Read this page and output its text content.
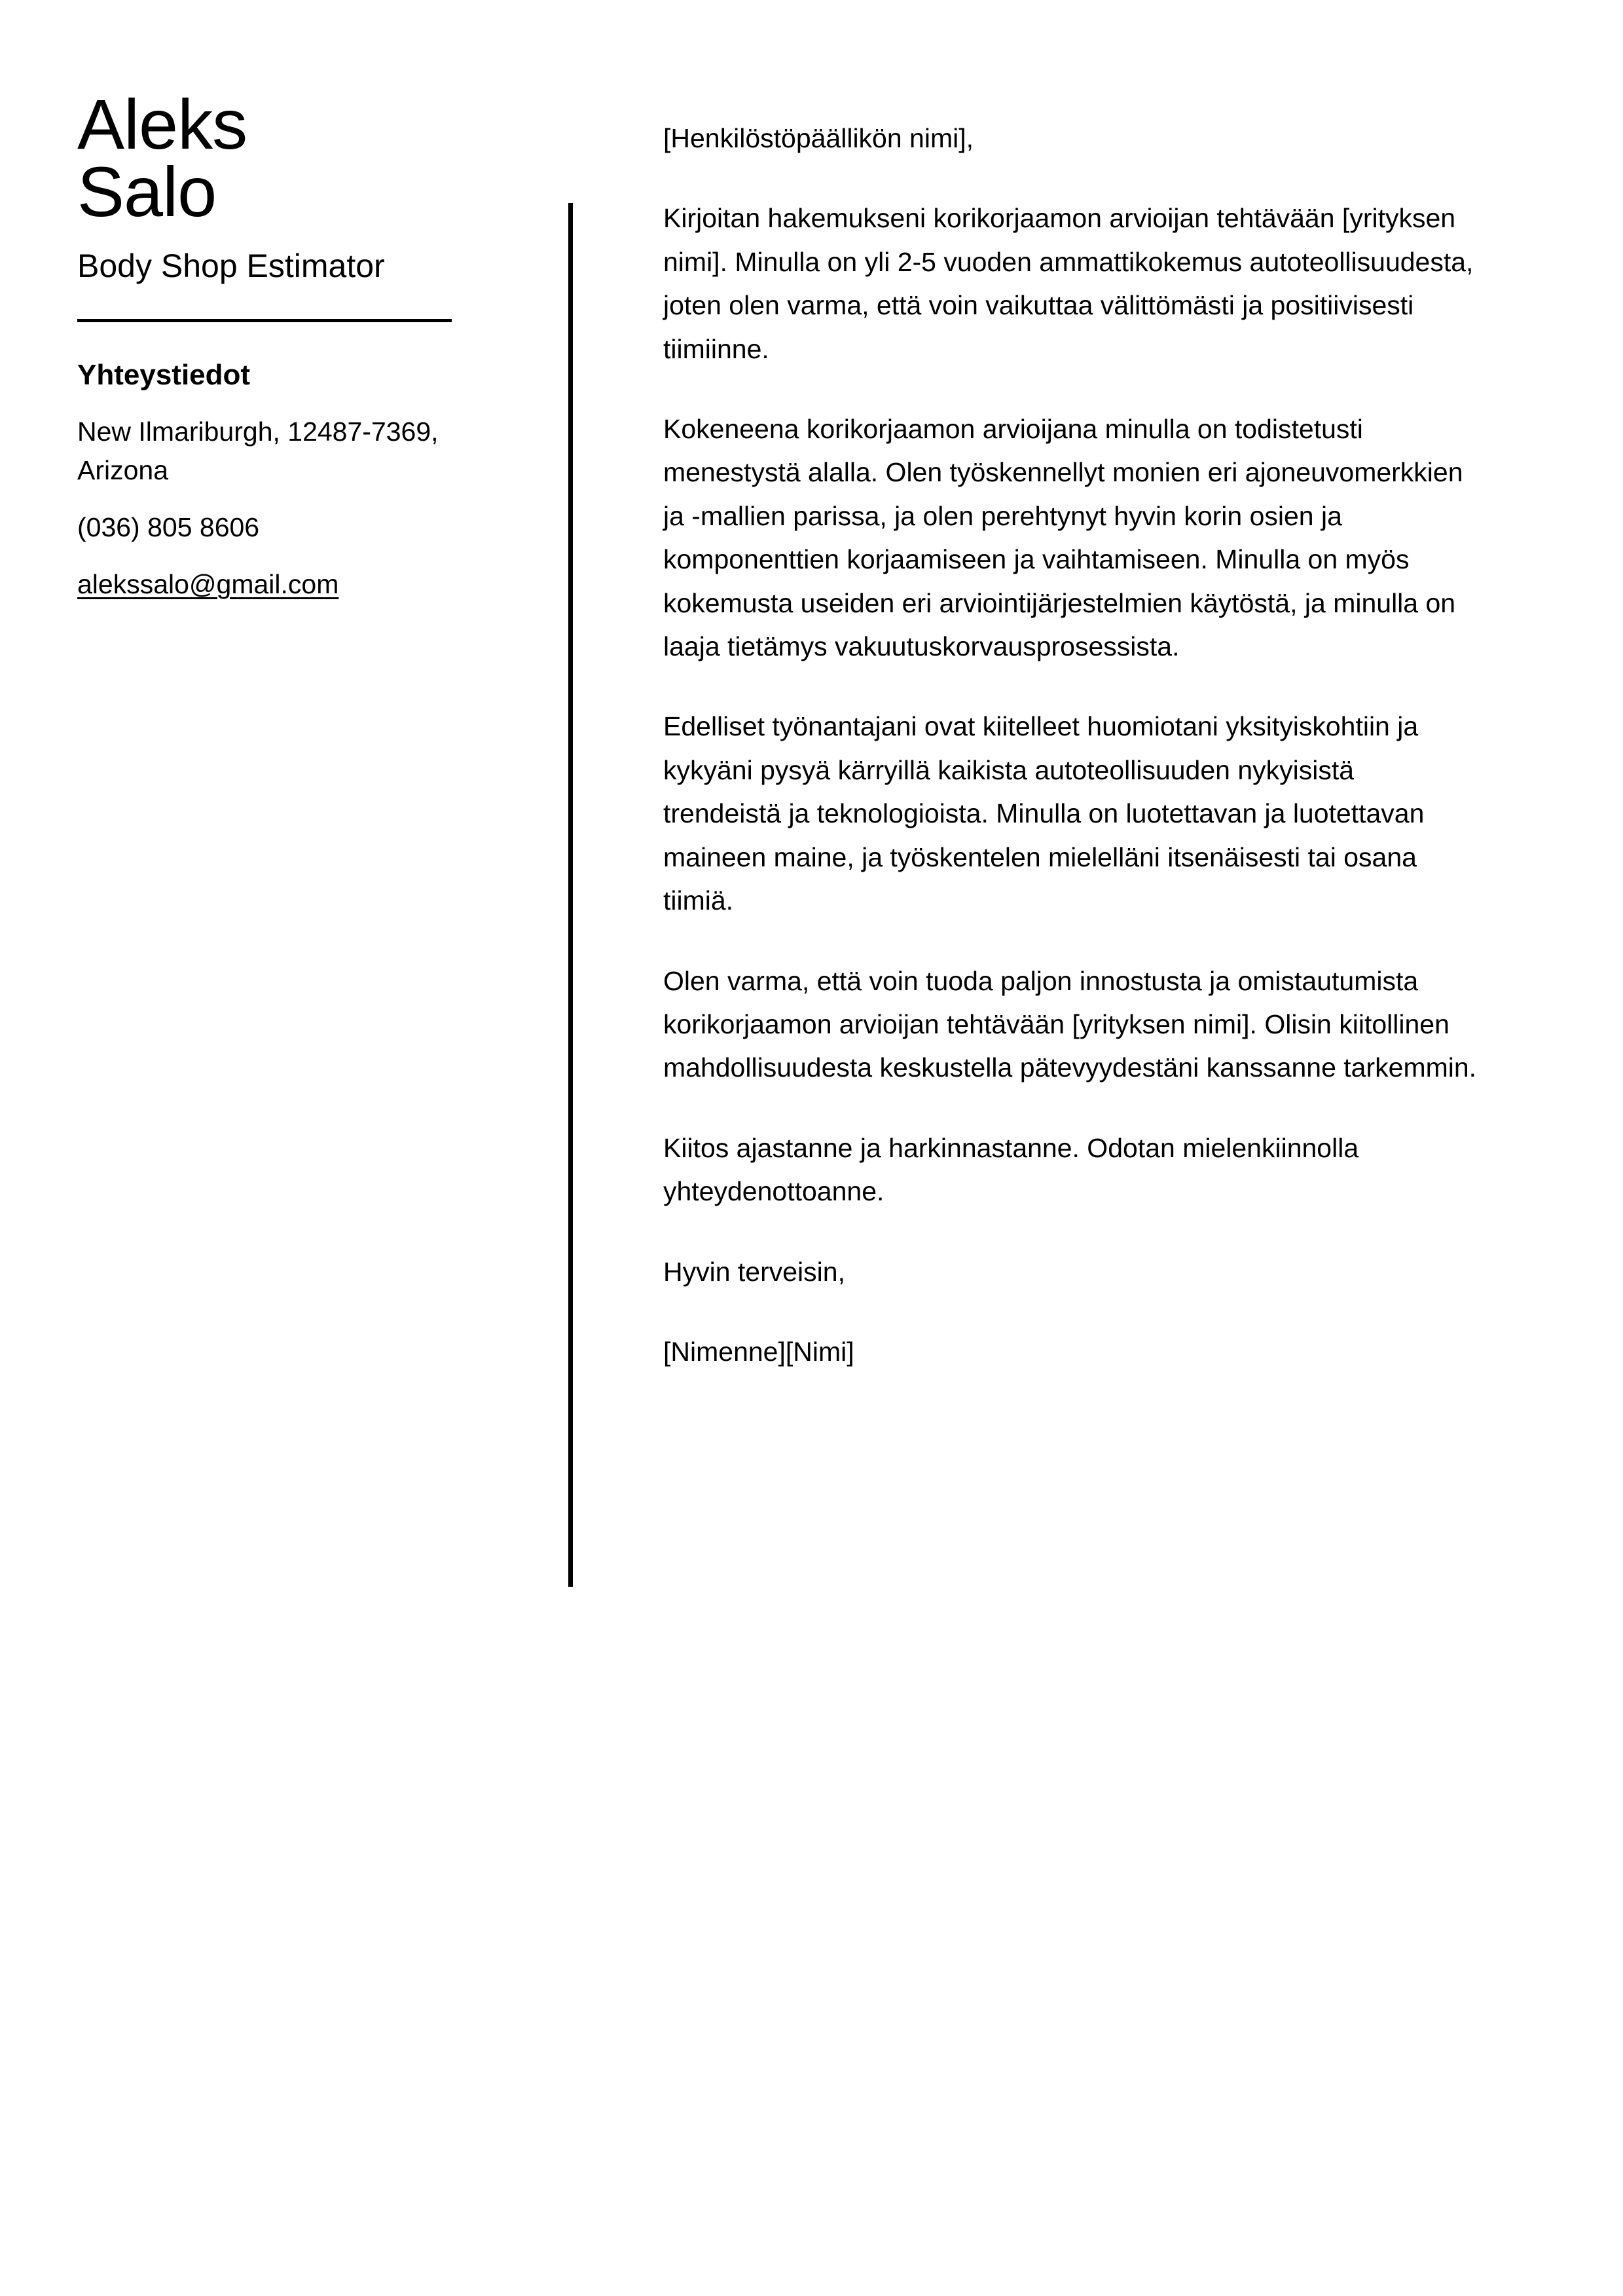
Aleks
Salo
Body Shop Estimator
Yhteystiedot
New Ilmariburgh, 12487-7369, Arizona
(036) 805 8606
alekssalo@gmail.com

[Henkilöstöpäällikön nimi],

Kirjoitan hakemukseni korikorjaamon arvioijan tehtävään [yrityksen nimi]. Minulla on yli 2-5 vuoden ammattikokemus autoteollisuudesta, joten olen varma, että voin vaikuttaa välittömästi ja positiivisesti tiimiinne.

Kokeneena korikorjaamon arvioijana minulla on todistetusti menestystä alalla. Olen työskennellyt monien eri ajoneuvomerkkien ja -mallien parissa, ja olen perehtynyt hyvin korin osien ja komponenttien korjaamiseen ja vaihtamiseen. Minulla on myös kokemusta useiden eri arviointijärjestelmien käytöstä, ja minulla on laaja tietämys vakuutuskorvausprosessista.

Edelliset työnantajani ovat kiitelleet huomiotani yksityiskohtiin ja kykyäni pysyä kärryillä kaikista autoteollisuuden nykyisistä trendeistä ja teknologioista. Minulla on luotettavan ja luotettavan maineen maine, ja työskentelen mielelläni itsenäisesti tai osana tiimiä.

Olen varma, että voin tuoda paljon innostusta ja omistautumista korikorjaamon arvioijan tehtävään [yrityksen nimi]. Olisin kiitollinen mahdollisuudesta keskustella pätevyydestäni kanssanne tarkemmin.

Kiitos ajastanne ja harkinnastanne. Odotan mielenkiinnolla yhteydenottoanne.

Hyvin terveisin,

[Nimenne][Nimi]
